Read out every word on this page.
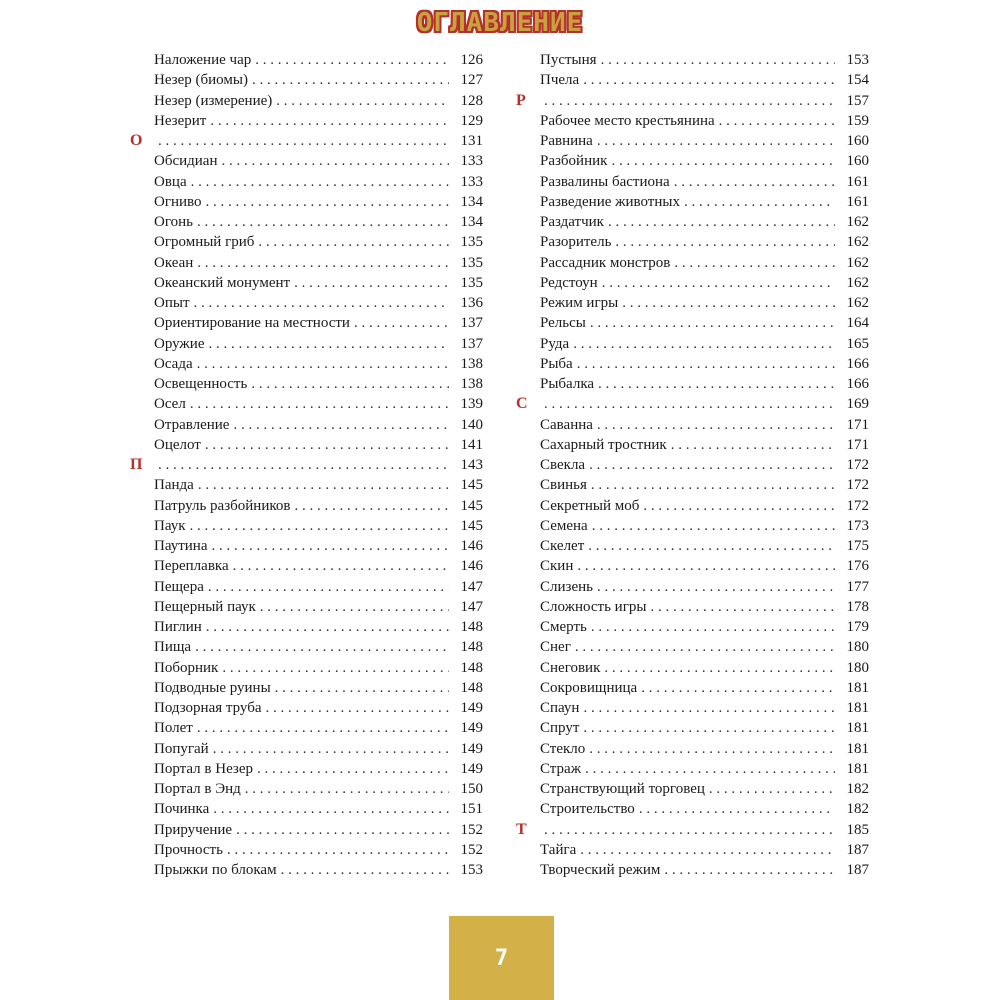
ОГЛАВЛЕНИЕ
Наложение чар . . .	126
Незер (биомы) . . .	127
Незер (измерение) . . .	128
Незерит . . .	129
О . . .	131
Обсидиан . . .	133
Овца . . .	133
Огниво . . .	134
Огонь . . .	134
Огромный гриб . . .	135
Океан . . .	135
Океанский монумент . . .	135
Опыт . . .	136
Ориентирование на местности . . .	137
Оружие . . .	137
Осада . . .	138
Освещенность . . .	138
Осел . . .	139
Отравление . . .	140
Оцелот . . .	141
П . . .	143
Панда . . .	145
Патруль разбойников . . .	145
Паук . . .	145
Паутина . . .	146
Переплавка . . .	146
Пещера . . .	147
Пещерный паук . . .	147
Пиглин . . .	148
Пища . . .	148
Поборник . . .	148
Подводные руины . . .	148
Подзорная труба . . .	149
Полет . . .	149
Попугай . . .	149
Портал в Незер . . .	149
Портал в Энд . . .	150
Починка . . .	151
Приручение . . .	152
Прочность . . .	152
Прыжки по блокам . . .	153
Пустыня . . .	153
Пчела . . .	154
Р . . .	157
Рабочее место крестьянина . . .	159
Равнина . . .	160
Разбойник . . .	160
Развалины бастиона . . .	161
Разведение животных . . .	161
Раздатчик . . .	162
Разоритель . . .	162
Рассадник монстров . . .	162
Редстоун . . .	162
Режим игры . . .	162
Рельсы . . .	164
Руда . . .	165
Рыба . . .	166
Рыбалка . . .	166
С . . .	169
Саванна . . .	171
Сахарный тростник . . .	171
Свекла . . .	172
Свинья . . .	172
Секретный моб . . .	172
Семена . . .	173
Скелет . . .	175
Скин . . .	176
Слизень . . .	177
Сложность игры . . .	178
Смерть . . .	179
Снег . . .	180
Снеговик . . .	180
Сокровищница . . .	181
Спаун . . .	181
Спрут . . .	181
Стекло . . .	181
Страж . . .	181
Странствующий торговец . . .	182
Строительство . . .	182
Т . . .	185
Тайга . . .	187
Творческий режим . . .	187
7
